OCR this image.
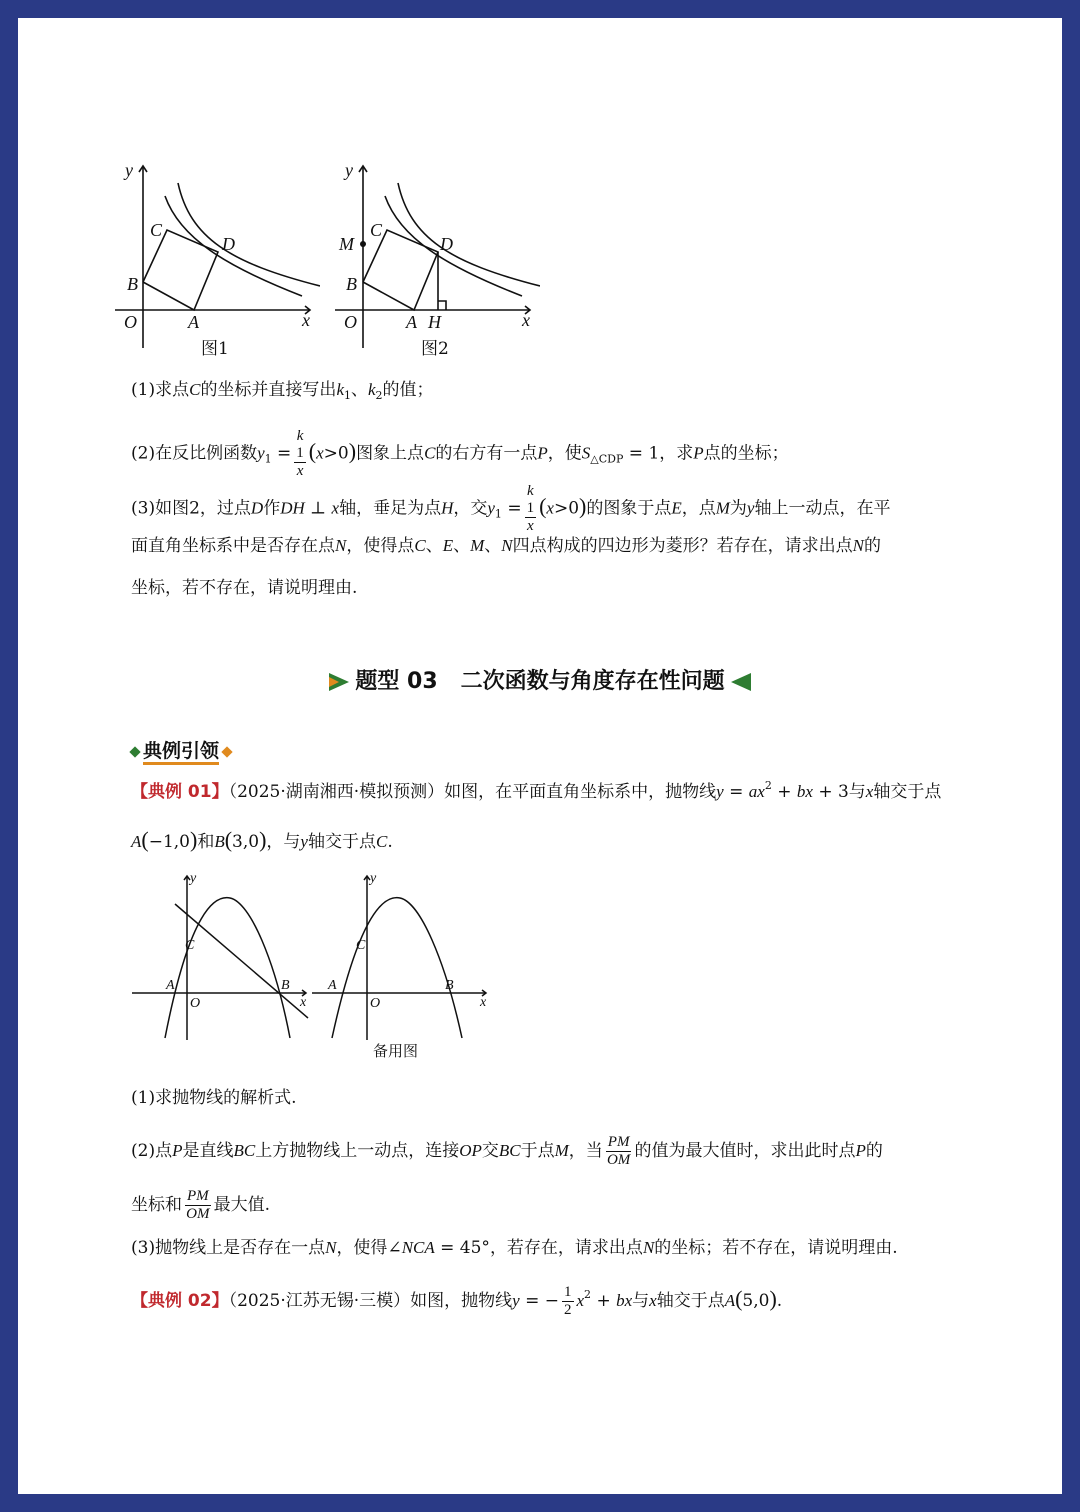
y
x
O	A
B
C
D
图1
y
x
O	A H
B
M
C
D
图2
(1)求点C的坐标并直接写出$k_1$、$k_2$的值；
(2)在反比例函数$y_1 = k$
1
x (x>0)图象上点C的右方有一点P，使$S_{\triangle CDP} = 1$，求P点的坐标；
(3)如图2，过点D作DH ⊥ x轴，垂足为点H，交$y_1 = k$
1
x (x>0)的图象于点E，点M为y轴上一动点，在平
面直角坐标系中是否存在点N，使得点C、E、M、N四点构成的四边形为菱形？若存在，请求出点N的
坐标，若不存在，请说明理由.
题型 03 二次函数与角度存在性问题
典例引领
【典例 01】（2025·湖南湘西·模拟预测）如图，在平面直角坐标系中，抛物线$y = ax^2$ + bx + 3与x轴交于点
A(−1,0)和B(3,0)，与y轴交于点C.
y
x
O
A	B
C
y
x
O
A	B
C
备用图
(1)求抛物线的解析式.
(2)点P是直线BC上方抛物线上一动点，连接OP交BC于点M，当 $\frac{PM}{OM}$ 的值为最大值时，求出此时点P的
坐标和 $\frac{PM}{OM}$ 最大值.
(3)抛物线上是否存在一点N，使得∠NCA = 45°，若存在，请求出点N的坐标；若不存在，请说明理由.
【典例 02】（2025·江苏无锡·三模）如图，抛物线y = − $\frac{1}{2} x^2$ + bx与x轴交于点A(5,0).
